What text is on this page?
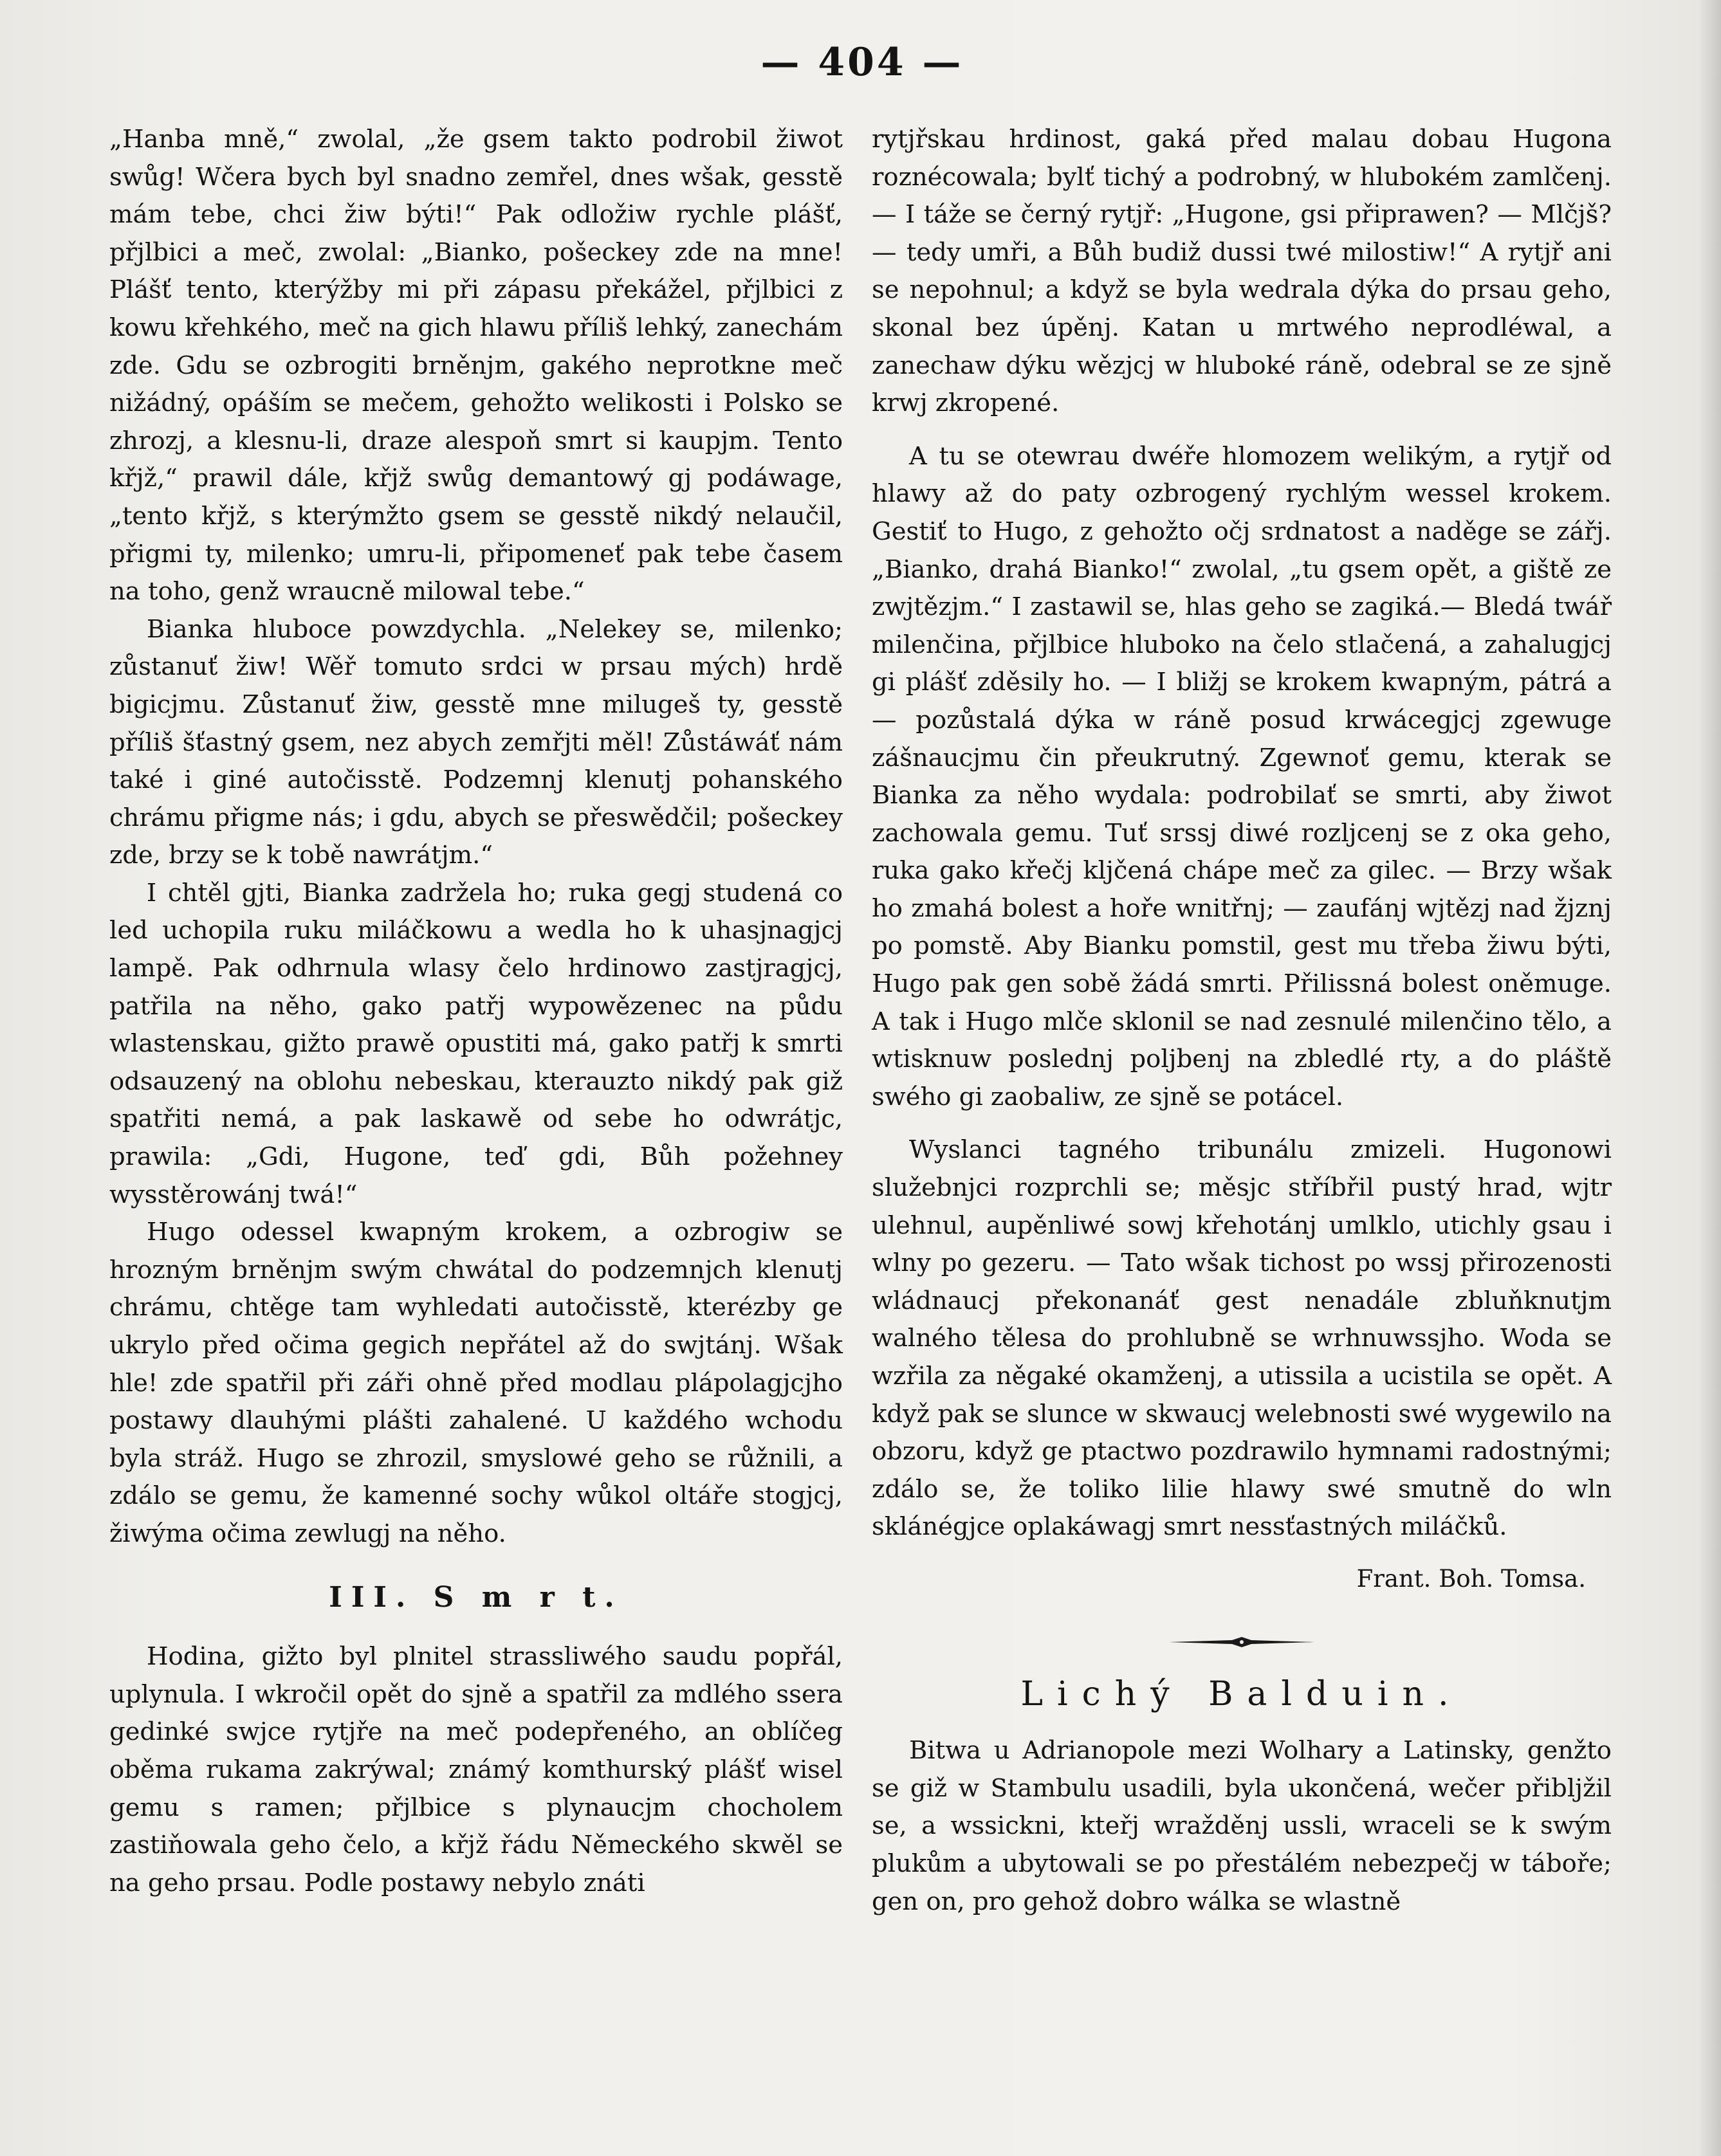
— 404 —

„Hanba mně,“ zwolal, „že gsem takto podrobil žiwot swůg! Wčera bych byl snadno zemřel, dnes wšak, gesstě mám tebe, chci žiw býti!“ Pak odložiw rychle plášť, přjlbici a meč, zwolal: „Bianko, pošeckey zde na mne! Plášť tento, kterýžby mi při zápasu překážel, přjlbici z kowu křehkého, meč na gich hlawu příliš lehký, zanechám zde. Gdu se ozbrogiti brněnjm, gakého neprotkne meč nižádný, opáším se mečem, gehožto welikosti i Polsko se zhrozj, a klesnu-li, draze alespoň smrt si kaupjm. Tento křjž,“ prawil dále, křjž swůg demantowý gj podáwage, „tento křjž, s kterýmžto gsem se gesstě nikdý nelaučil, přigmi ty, milenko; umru-li, připomeneť pak tebe časem na toho, genž wraucně milowal tebe.“

Bianka hluboce powzdychla. „Nelekey se, milenko; zůstanuť žiw! Wěř tomuto srdci w prsau mých) hrdě bigicjmu. Zůstanuť žiw, gesstě mne milugeš ty, gesstě příliš šťastný gsem, nez abych zemřjti měl! Zůstáwáť nám také i giné autočisstě. Podzemnj klenutj pohanského chrámu přigme nás; i gdu, abych se přeswědčil; pošeckey zde, brzy se k tobě nawrátjm.“

I chtěl gjti, Bianka zadržela ho; ruka gegj studená co led uchopila ruku miláčkowu a wedla ho k uhasjnagjcj lampě. Pak odhrnula wlasy čelo hrdinowo zastjragjcj, patřila na něho, gako patřj wypowězenec na půdu wlastenskau, gižto prawě opustiti má, gako patřj k smrti odsauzený na oblohu nebeskau, kterauzto nikdý pak giž spatřiti nemá, a pak laskawě od sebe ho odwrátjc, prawila: „Gdi, Hugone, teď gdi, Bůh požehney wysstěrowánj twá!“

Hugo odessel kwapným krokem, a ozbrogiw se hrozným brněnjm swým chwátal do podzemnjch klenutj chrámu, chtěge tam wyhledati autočisstě, kterézby ge ukrylo před očima gegich nepřátel až do swjtánj. Wšak hle! zde spatřil při záři ohně před modlau plápolagjcjho postawy dlauhými plášti zahalené. U každého wchodu byla stráž. Hugo se zhrozil, smyslowé geho se růžnili, a zdálo se gemu, že kamenné sochy wůkol oltáře stogjcj, žiwýma očima zewlugj na něho.

III. S m r t.

Hodina, gižto byl plnitel strassliwého saudu popřál, uplynula. I wkročil opět do sjně a spatřil za mdlého ssera gedinké swjce rytjře na meč podepřeného, an oblíčeg oběma rukama zakrýwal; známý komthurský plášť wisel gemu s ramen; přjlbice s plynaucjm chocholem zastiňowala geho čelo, a křjž řádu Německého skwěl se na geho prsau. Podle postawy nebylo znáti

rytjřskau hrdinost, gaká před malau dobau Hugona roznécowala; bylť tichý a podrobný, w hlubokém zamlčenj. — I táže se černý rytjř: „Hugone, gsi připrawen? — Mlčjš? — tedy umři, a Bůh budiž dussi twé milostiw!“ A rytjř ani se nepohnul; a když se byla wedrala dýka do prsau geho, skonal bez úpěnj. Katan u mrtwého neprodléwal, a zanechaw dýku wězjcj w hluboké ráně, odebral se ze sjně krwj zkropené.

A tu se otewrau dwéře hlomozem welikým, a rytjř od hlawy až do paty ozbrogený rychlým wessel krokem. Gestiť to Hugo, z gehožto očj srdnatost a naděge se zářj. „Bianko, drahá Bianko!“ zwolal, „tu gsem opět, a giště ze zwjtězjm.“ I zastawil se, hlas geho se zagiká.— Bledá twář milenčina, přjlbice hluboko na čelo stlačená, a zahalugjcj gi plášť zděsily ho. — I bližj se krokem kwapným, pátrá a — pozůstalá dýka w ráně posud krwácegjcj zgewuge zášnaucjmu čin přeukrutný. Zgewnoť gemu, kterak se Bianka za něho wydala: podrobilať se smrti, aby žiwot zachowala gemu. Tuť srssj diwé rozljcenj se z oka geho, ruka gako křečj kljčená chápe meč za gilec. — Brzy wšak ho zmahá bolest a hoře wnitřnj; — zaufánj wjtězj nad žjznj po pomstě. Aby Bianku pomstil, gest mu třeba žiwu býti, Hugo pak gen sobě žádá smrti. Přilissná bolest oněmuge. A tak i Hugo mlče sklonil se nad zesnulé milenčino tělo, a wtisknuw poslednj poljbenj na zbledlé rty, a do pláště swého gi zaobaliw, ze sjně se potácel.

Wyslanci tagného tribunálu zmizeli. Hugonowi služebnjci rozprchli se; měsjc stříbřil pustý hrad, wjtr ulehnul, aupěnliwé sowj křehotánj umlklo, utichly gsau i wlny po gezeru. — Tato wšak tichost po wssj přirozenosti wládnaucj překonanáť gest nenadále zbluňknutjm walného tělesa do prohlubně se wrhnuwssjho. Woda se wzřila za něgaké okamženj, a utissila a ucistila se opět. A když pak se slunce w skwaucj welebnosti swé wygewilo na obzoru, když ge ptactwo pozdrawilo hymnami radostnými; zdálo se, že toliko lilie hlawy swé smutně do wln sklánégjce oplakáwagj smrt nessťastných miláčků.

Frant. Boh. Tomsa.
Lichý Balduin.

Bitwa u Adrianopole mezi Wolhary a Latinsky, genžto se giž w Stambulu usadili, byla ukončená, wečer přibljžil se, a wssickni, kteřj wražděnj ussli, wraceli se k swým plukům a ubytowali se po přestálém nebezpečj w táboře; gen on, pro gehož dobro wálka se wlastně
